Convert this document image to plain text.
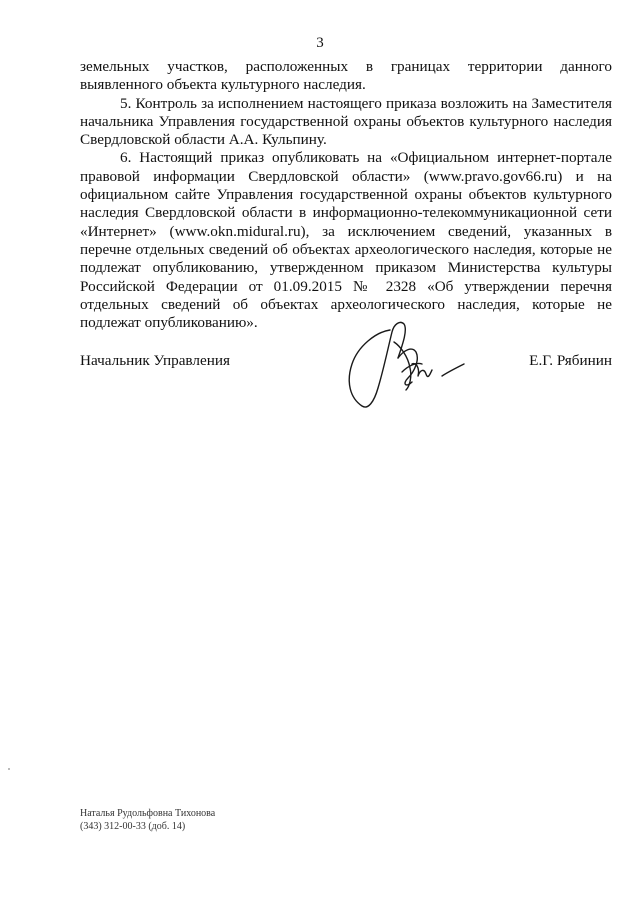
3

земельных участков, расположенных в границах территории данного выявленного объекта культурного наследия.

5. Контроль за исполнением настоящего приказа возложить на Заместителя начальника Управления государственной охраны объектов культурного наследия Свердловской области А.А. Кульпину.

6. Настоящий приказ опубликовать на «Официальном интернет-портале правовой информации Свердловской области» (www.pravo.gov66.ru) и на официальном сайте Управления государственной охраны объектов культурного наследия Свердловской области в информационно-телекоммуникационной сети «Интернет» (www.okn.midural.ru), за исключением сведений, указанных в перечне отдельных сведений об объектах археологического наследия, которые не подлежат опубликованию, утвержденном приказом Министерства культуры Российской Федерации от 01.09.2015 № 2328 «Об утверждении перечня отдельных сведений об объектах археологического наследия, которые не подлежат опубликованию».

Начальник Управления	Е.Г. Рябинин
Наталья Рудольфовна Тихонова
(343) 312-00-33 (доб. 14)
